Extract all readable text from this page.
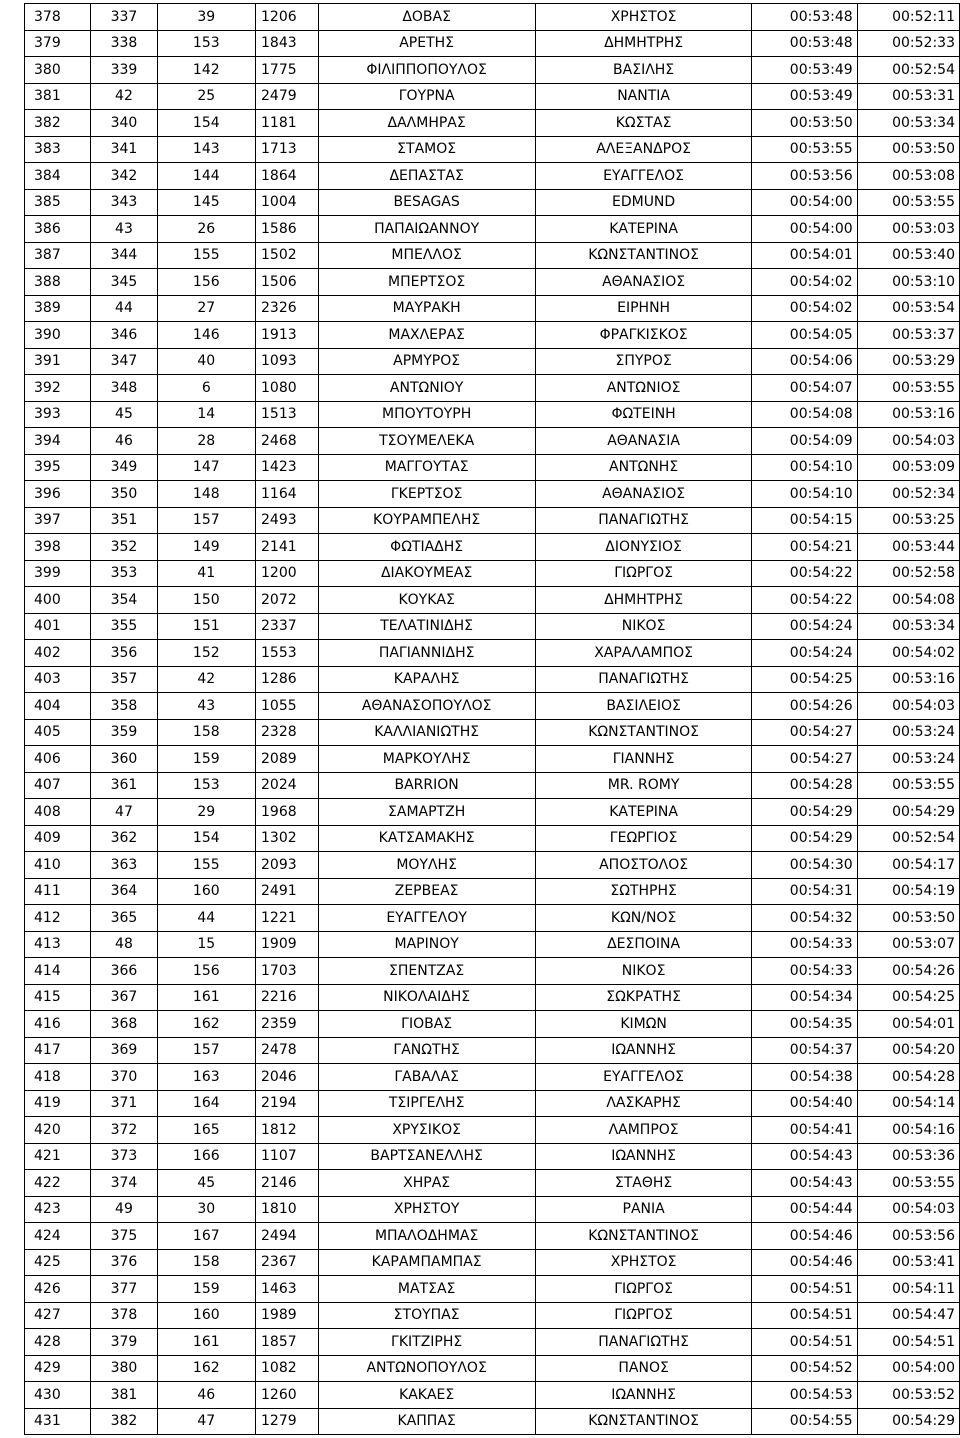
378	337	39	1206	ΔΟΒΑΣ	ΧΡΗΣΤΟΣ	00:53:48	00:52:11
379	338	153	1843	ΑΡΕΤΗΣ	ΔΗΜΗΤΡΗΣ	00:53:48	00:52:33
380	339	142	1775	ΦΙΛΙΠΠΟΠΟΥΛΟΣ	ΒΑΣΙΛΗΣ	00:53:49	00:52:54
381	42	25	2479	ΓΟΥΡΝΑ	ΝΑΝΤΙΑ	00:53:49	00:53:31
382	340	154	1181	ΔΑΛΜΗΡΑΣ	ΚΩΣΤΑΣ	00:53:50	00:53:34
383	341	143	1713	ΣΤΑΜΟΣ	ΑΛΕΞΑΝΔΡΟΣ	00:53:55	00:53:50
384	342	144	1864	ΔΕΠΑΣΤΑΣ	ΕΥΑΓΓΕΛΟΣ	00:53:56	00:53:08
385	343	145	1004	BESAGAS	EDMUND	00:54:00	00:53:55
386	43	26	1586	ΠΑΠΑΙΩΑΝΝΟΥ	ΚΑΤΕΡΙΝΑ	00:54:00	00:53:03
387	344	155	1502	ΜΠΕΛΛΟΣ	ΚΩΝΣΤΑΝΤΙΝΟΣ	00:54:01	00:53:40
388	345	156	1506	ΜΠΕΡΤΣΟΣ	ΑΘΑΝΑΣΙΟΣ	00:54:02	00:53:10
389	44	27	2326	ΜΑΥΡΑΚΗ	ΕΙΡΗΝΗ	00:54:02	00:53:54
390	346	146	1913	ΜΑΧΛΕΡΑΣ	ΦΡΑΓΚΙΣΚΟΣ	00:54:05	00:53:37
391	347	40	1093	ΑΡΜΥΡΟΣ	ΣΠΥΡΟΣ	00:54:06	00:53:29
392	348	6	1080	ΑΝΤΩΝΙΟΥ	ΑΝΤΩΝΙΟΣ	00:54:07	00:53:55
393	45	14	1513	ΜΠΟΥΤΟΥΡΗ	ΦΩΤΕΙΝΗ	00:54:08	00:53:16
394	46	28	2468	ΤΣΟΥΜΕΛΕΚΑ	ΑΘΑΝΑΣΙΑ	00:54:09	00:54:03
395	349	147	1423	ΜΑΓΓΟΥΤΑΣ	ΑΝΤΩΝΗΣ	00:54:10	00:53:09
396	350	148	1164	ΓΚΕΡΤΣΟΣ	ΑΘΑΝΑΣΙΟΣ	00:54:10	00:52:34
397	351	157	2493	ΚΟΥΡΑΜΠΕΛΗΣ	ΠΑΝΑΓΙΩΤΗΣ	00:54:15	00:53:25
398	352	149	2141	ΦΩΤΙΑΔΗΣ	ΔΙΟΝΥΣΙΟΣ	00:54:21	00:53:44
399	353	41	1200	ΔΙΑΚΟΥΜΕΑΣ	ΓΙΩΡΓΟΣ	00:54:22	00:52:58
400	354	150	2072	ΚΟΥΚΑΣ	ΔΗΜΗΤΡΗΣ	00:54:22	00:54:08
401	355	151	2337	ΤΕΛΑΤΙΝΙΔΗΣ	ΝΙΚΟΣ	00:54:24	00:53:34
402	356	152	1553	ΠΑΓΙΑΝΝΙΔΗΣ	ΧΑΡΑΛΑΜΠΟΣ	00:54:24	00:54:02
403	357	42	1286	ΚΑΡΑΛΗΣ	ΠΑΝΑΓΙΩΤΗΣ	00:54:25	00:53:16
404	358	43	1055	ΑΘΑΝΑΣΟΠΟΥΛΟΣ	ΒΑΣΙΛΕΙΟΣ	00:54:26	00:54:03
405	359	158	2328	ΚΑΛΛΙΑΝΙΩΤΗΣ	ΚΩΝΣΤΑΝΤΙΝΟΣ	00:54:27	00:53:24
406	360	159	2089	ΜΑΡΚΟΥΛΗΣ	ΓΙΑΝΝΗΣ	00:54:27	00:53:24
407	361	153	2024	BARRION	MR. ROMY	00:54:28	00:53:55
408	47	29	1968	ΣΑΜΑΡΤΖΗ	ΚΑΤΕΡΙΝΑ	00:54:29	00:54:29
409	362	154	1302	ΚΑΤΣΑΜΑΚΗΣ	ΓΕΩΡΓΙΟΣ	00:54:29	00:52:54
410	363	155	2093	ΜΟΥΛΗΣ	ΑΠΟΣΤΟΛΟΣ	00:54:30	00:54:17
411	364	160	2491	ΖΕΡΒΕΑΣ	ΣΩΤΗΡΗΣ	00:54:31	00:54:19
412	365	44	1221	ΕΥΑΓΓΕΛΟΥ	ΚΩΝ/ΝΟΣ	00:54:32	00:53:50
413	48	15	1909	ΜΑΡΙΝΟΥ	ΔΕΣΠΟΙΝΑ	00:54:33	00:53:07
414	366	156	1703	ΣΠΕΝΤΖΑΣ	ΝΙΚΟΣ	00:54:33	00:54:26
415	367	161	2216	ΝΙΚΟΛΑΙΔΗΣ	ΣΩΚΡΑΤΗΣ	00:54:34	00:54:25
416	368	162	2359	ΓΙΟΒΑΣ	ΚΙΜΩΝ	00:54:35	00:54:01
417	369	157	2478	ΓΑΝΩΤΗΣ	ΙΩΑΝΝΗΣ	00:54:37	00:54:20
418	370	163	2046	ΓΑΒΑΛΑΣ	ΕΥΑΓΓΕΛΟΣ	00:54:38	00:54:28
419	371	164	2194	ΤΣΙΡΓΕΛΗΣ	ΛΑΣΚΑΡΗΣ	00:54:40	00:54:14
420	372	165	1812	ΧΡΥΣΙΚΟΣ	ΛΑΜΠΡΟΣ	00:54:41	00:54:16
421	373	166	1107	ΒΑΡΤΣΑΝΕΛΛΗΣ	ΙΩΑΝΝΗΣ	00:54:43	00:53:36
422	374	45	2146	ΧΗΡΑΣ	ΣΤΑΘΗΣ	00:54:43	00:53:55
423	49	30	1810	ΧΡΗΣΤΟΥ	ΡΑΝΙΑ	00:54:44	00:54:03
424	375	167	2494	ΜΠΑΛΟΔΗΜΑΣ	ΚΩΝΣΤΑΝΤΙΝΟΣ	00:54:46	00:53:56
425	376	158	2367	ΚΑΡΑΜΠΑΜΠΑΣ	ΧΡΗΣΤΟΣ	00:54:46	00:53:41
426	377	159	1463	ΜΑΤΣΑΣ	ΓΙΩΡΓΟΣ	00:54:51	00:54:11
427	378	160	1989	ΣΤΟΥΠΑΣ	ΓΙΩΡΓΟΣ	00:54:51	00:54:47
428	379	161	1857	ΓΚΙΤΖΙΡΗΣ	ΠΑΝΑΓΙΩΤΗΣ	00:54:51	00:54:51
429	380	162	1082	ΑΝΤΩΝΟΠΟΥΛΟΣ	ΠΑΝΟΣ	00:54:52	00:54:00
430	381	46	1260	ΚΑΚΑΕΣ	ΙΩΑΝΝΗΣ	00:54:53	00:53:52
431	382	47	1279	ΚΑΠΠΑΣ	ΚΩΝΣΤΑΝΤΙΝΟΣ	00:54:55	00:54:29
